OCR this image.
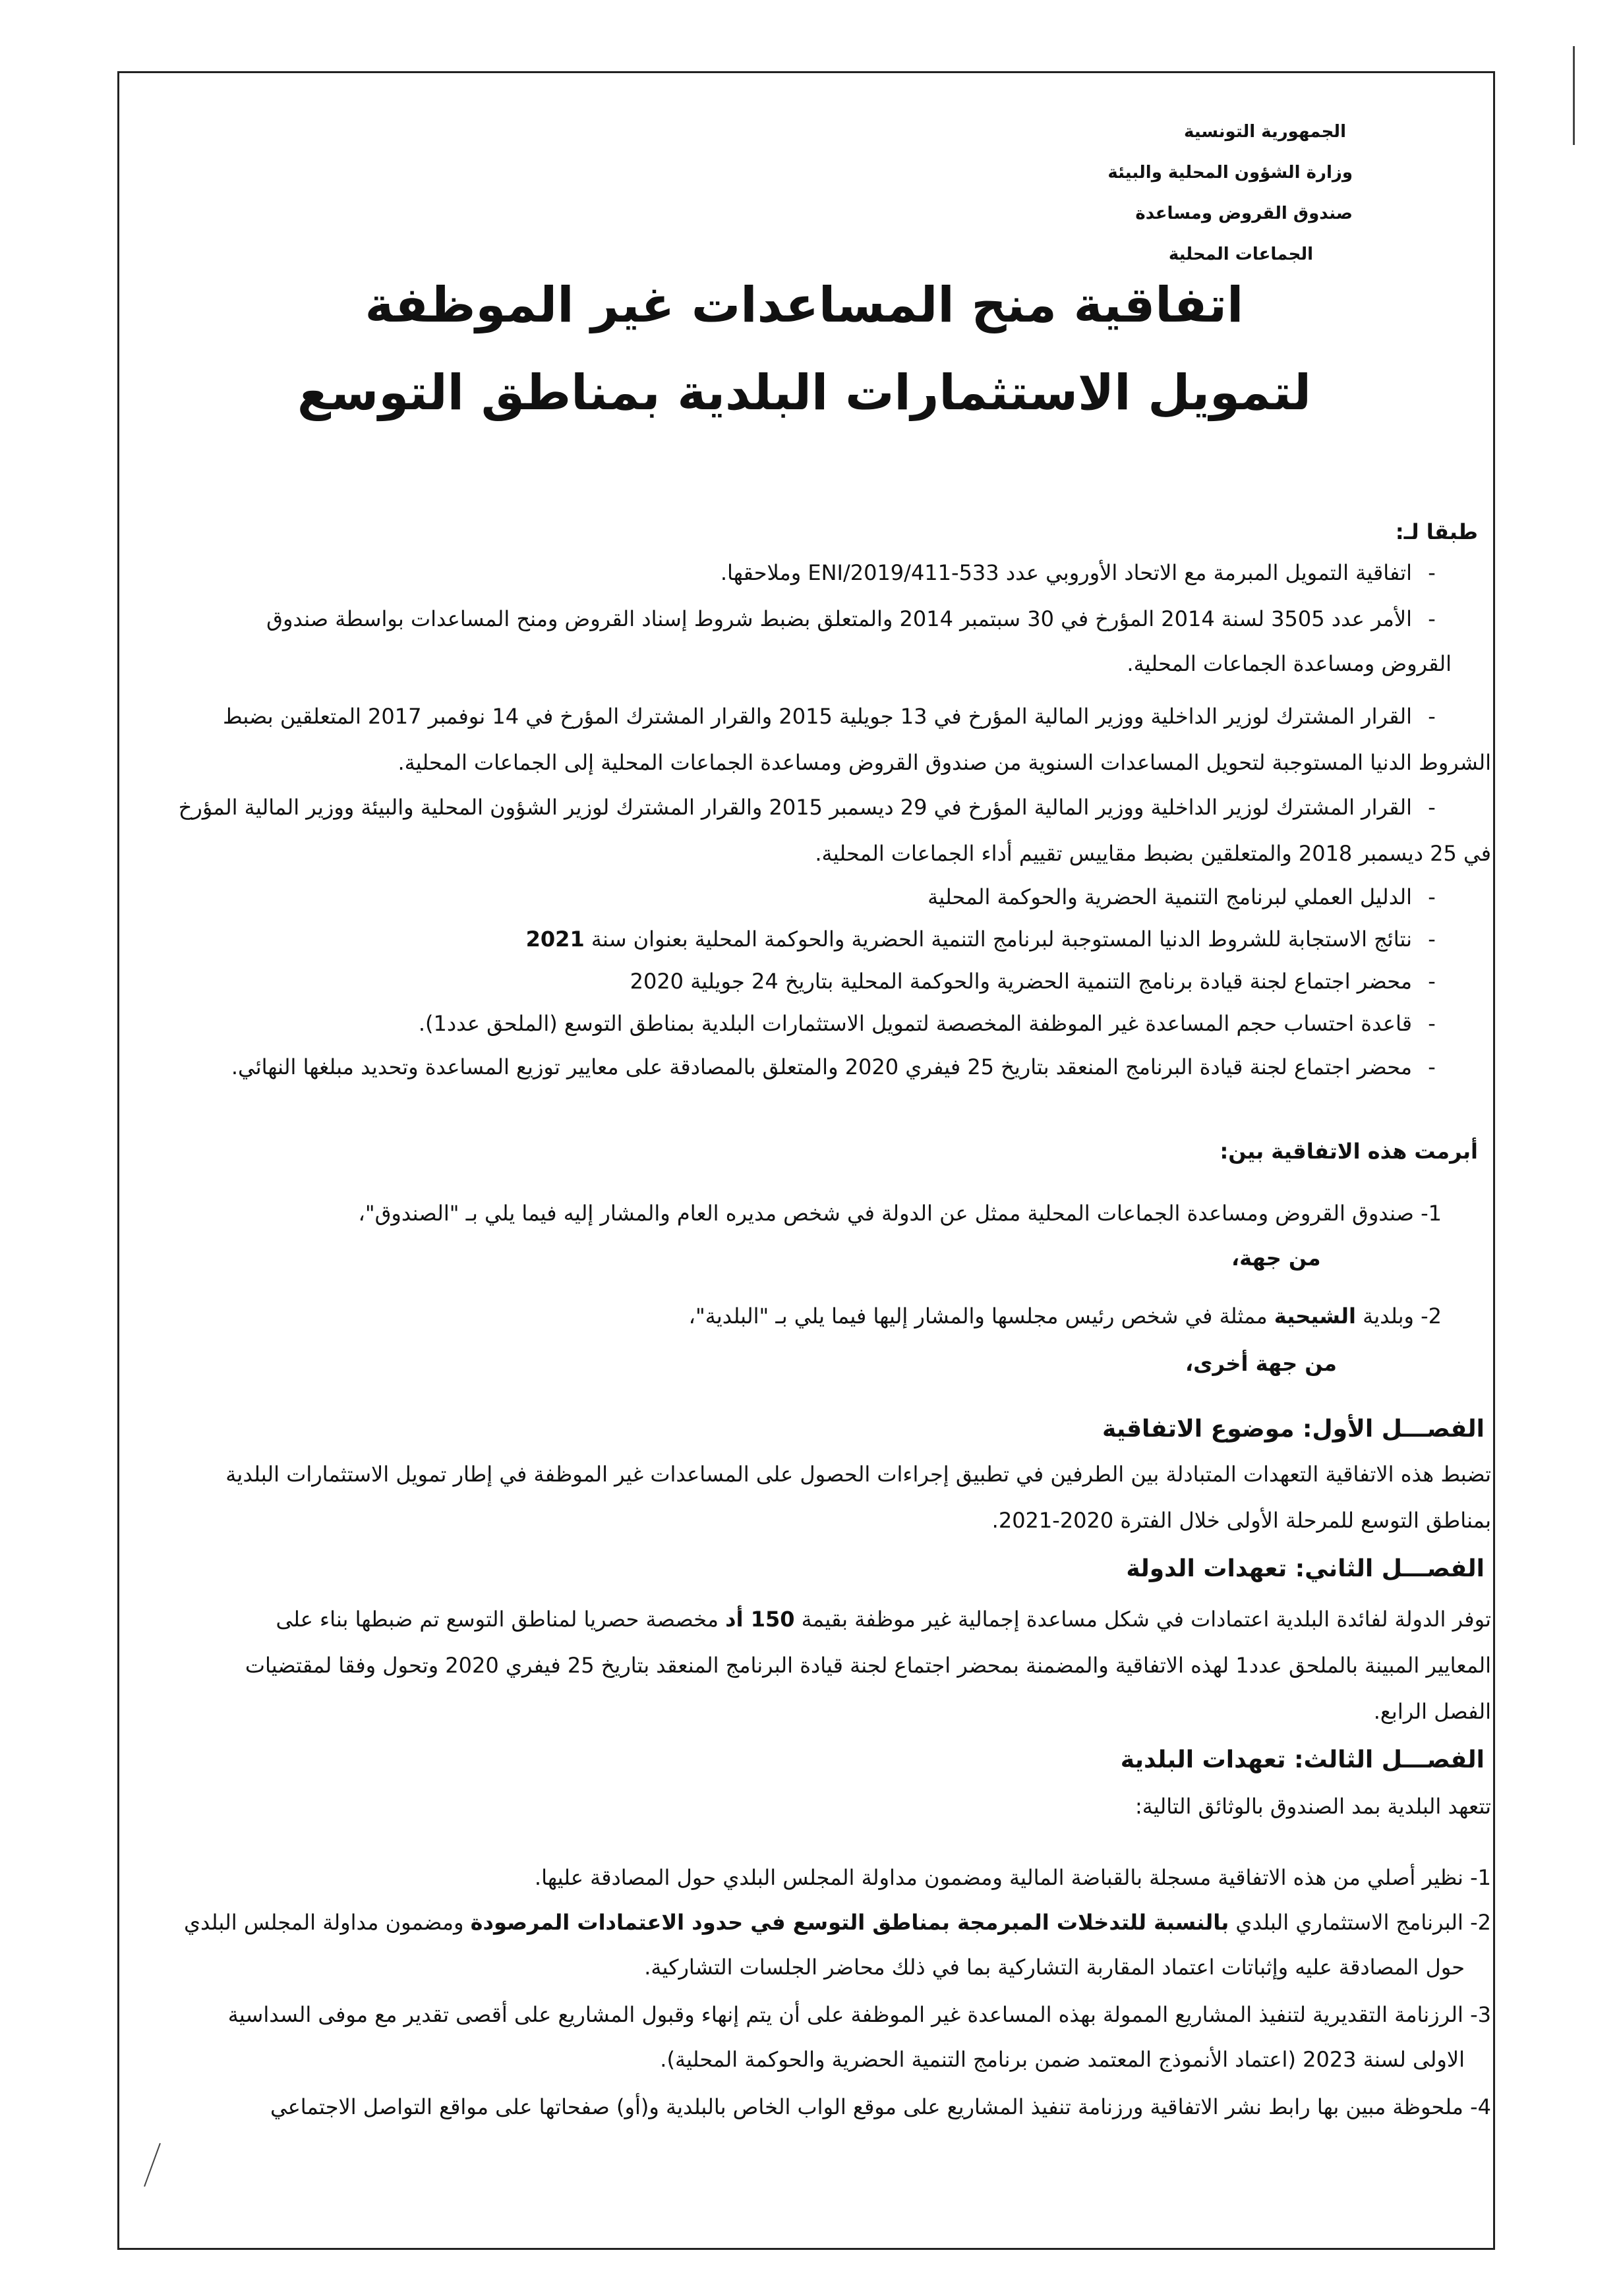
الجمهورية التونسية
وزارة الشؤون المحلية والبيئة
صندوق القروض ومساعدة
الجماعات المحلية
اتفاقية منح المساعدات غير الموظفة
لتمويل الاستثمارات البلدية بمناطق التوسع
طبقا لـ:
-اتفاقية التمويل المبرمة مع الاتحاد الأوروبي عدد ENI/2019/411-533 وملاحقها.
-الأمر عدد 3505 لسنة 2014 المؤرخ في 30 سبتمبر 2014 والمتعلق بضبط شروط إسناد القروض ومنح المساعدات بواسطة صندوق
القروض ومساعدة الجماعات المحلية.
-القرار المشترك لوزير الداخلية ووزير المالية المؤرخ في 13 جويلية 2015 والقرار المشترك المؤرخ في 14 نوفمبر 2017 المتعلقين بضبط
الشروط الدنيا المستوجبة لتحويل المساعدات السنوية من صندوق القروض ومساعدة الجماعات المحلية إلى الجماعات المحلية.
-القرار المشترك لوزير الداخلية ووزير المالية المؤرخ في 29 ديسمبر 2015 والقرار المشترك لوزير الشؤون المحلية والبيئة ووزير المالية المؤرخ
في 25 ديسمبر 2018 والمتعلقين بضبط مقاييس تقييم أداء الجماعات المحلية.
-الدليل العملي لبرنامج التنمية الحضرية والحوكمة المحلية
-نتائج الاستجابة للشروط الدنيا المستوجبة لبرنامج التنمية الحضرية والحوكمة المحلية بعنوان سنة 2021
-محضر اجتماع لجنة قيادة برنامج التنمية الحضرية والحوكمة المحلية بتاريخ 24 جويلية 2020
-قاعدة احتساب حجم المساعدة غير الموظفة المخصصة لتمويل الاستثمارات البلدية بمناطق التوسع (الملحق عدد1).
-محضر اجتماع لجنة قيادة البرنامج المنعقد بتاريخ 25 فيفري 2020 والمتعلق بالمصادقة على معايير توزيع المساعدة وتحديد مبلغها النهائي.
أبرمت هذه الاتفاقية بين:
1- صندوق القروض ومساعدة الجماعات المحلية ممثل عن الدولة في شخص مديره العام والمشار إليه فيما يلي بـ "الصندوق"،
من جهة،
2- وبلدية الشيحية ممثلة في شخص رئيس مجلسها والمشار إليها فيما يلي بـ "البلدية"،
من جهة أخرى،
الفصـــل الأول: موضوع الاتفاقية
تضبط هذه الاتفاقية التعهدات المتبادلة بين الطرفين في تطبيق إجراءات الحصول على المساعدات غير الموظفة في إطار تمويل الاستثمارات البلدية
بمناطق التوسع للمرحلة الأولى خلال الفترة 2020-2021.
الفصـــل الثاني: تعهدات الدولة
توفر الدولة لفائدة البلدية اعتمادات في شكل مساعدة إجمالية غير موظفة بقيمة 150 أد مخصصة حصريا لمناطق التوسع تم ضبطها بناء على
المعايير المبينة بالملحق عدد1 لهذه الاتفاقية والمضمنة بمحضر اجتماع لجنة قيادة البرنامج المنعقد بتاريخ 25 فيفري 2020 وتحول وفقا لمقتضيات
الفصل الرابع.
الفصـــل الثالث: تعهدات البلدية
تتعهد البلدية بمد الصندوق بالوثائق التالية:
1- نظير أصلي من هذه الاتفاقية مسجلة بالقباضة المالية ومضمون مداولة المجلس البلدي حول المصادقة عليها.
2- البرنامج الاستثماري البلدي بالنسبة للتدخلات المبرمجة بمناطق التوسع في حدود الاعتمادات المرصودة ومضمون مداولة المجلس البلدي
حول المصادقة عليه وإثباتات اعتماد المقاربة التشاركية بما في ذلك محاضر الجلسات التشاركية.
3- الرزنامة التقديرية لتنفيذ المشاريع الممولة بهذه المساعدة غير الموظفة على أن يتم إنهاء وقبول المشاريع على أقصى تقدير مع موفى السداسية
الاولى لسنة 2023 (اعتماد الأنموذج المعتمد ضمن برنامج التنمية الحضرية والحوكمة المحلية).
4- ملحوظة مبين بها رابط نشر الاتفاقية ورزنامة تنفيذ المشاريع على موقع الواب الخاص بالبلدية و(أو) صفحاتها على مواقع التواصل الاجتماعي
